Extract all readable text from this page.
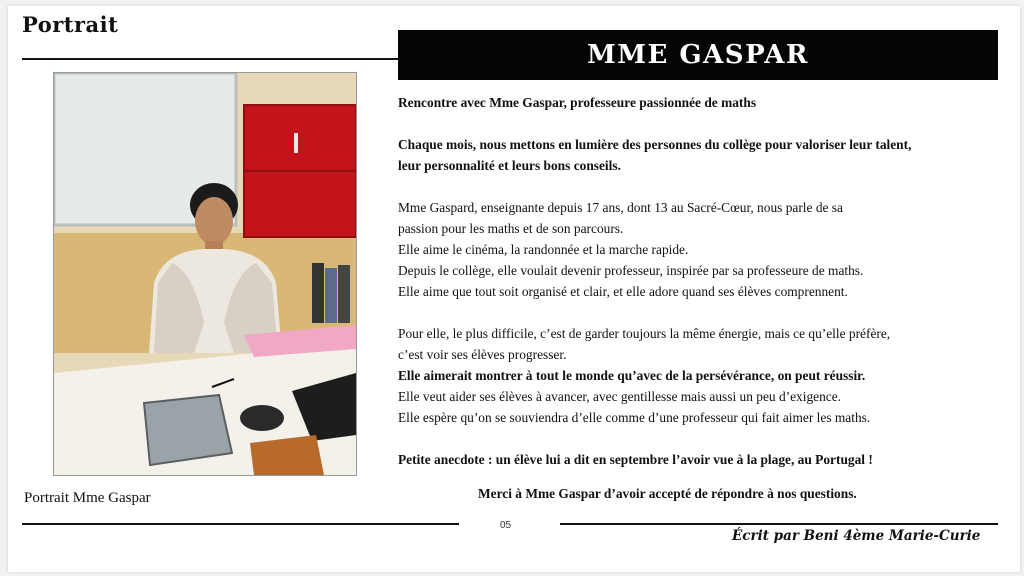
Portrait
MME GASPAR
Portrait Mme Gaspar

Rencontre avec Mme Gaspar, professeure passionnée de maths

Chaque mois, nous mettons en lumière des personnes du collège pour valoriser leur talent,

leur personnalité et leurs bons conseils.

Mme Gaspard, enseignante depuis 17 ans, dont 13 au Sacré-Cœur, nous parle de sa

passion pour les maths et de son parcours.

Elle aime le cinéma, la randonnée et la marche rapide.

Depuis le collège, elle voulait devenir professeur, inspirée par sa professeure de maths.

Elle aime que tout soit organisé et clair, et elle adore quand ses élèves comprennent.

Pour elle, le plus difficile, c’est de garder toujours la même énergie, mais ce qu’elle préfère,

c’est voir ses élèves progresser.

Elle aimerait montrer à tout le monde qu’avec de la persévérance, on peut réussir.

Elle veut aider ses élèves à avancer, avec gentillesse mais aussi un peu d’exigence.

Elle espère qu’on se souviendra d’elle comme d’une professeur qui fait aimer les maths.

Petite anecdote : un élève lui a dit en septembre l’avoir vue à la plage, au Portugal !

Merci à Mme Gaspar d’avoir accepté de répondre à nos questions.
05
Écrit par Beni 4ème Marie-Curie
